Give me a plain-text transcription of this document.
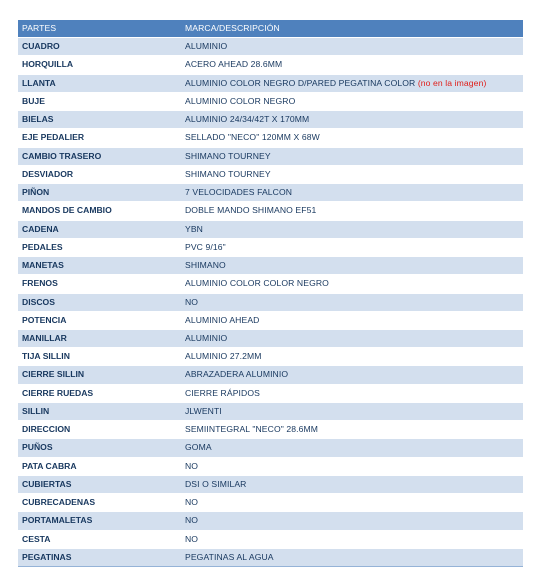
PARTES	MARCA/DESCRIPCIÓN
CUADRO	ALUMINIO
HORQUILLA	ACERO AHEAD 28.6MM
LLANTA	ALUMINIO COLOR NEGRO D/PARED PEGATINA COLOR (no en la imagen)
BUJE	ALUMINIO COLOR NEGRO
BIELAS	ALUMINIO 24/34/42T X 170MM
EJE PEDALIER	SELLADO "NECO" 120MM X 68W
CAMBIO TRASERO	SHIMANO TOURNEY
DESVIADOR	SHIMANO TOURNEY
PIÑON	7 VELOCIDADES FALCON
MANDOS DE CAMBIO	DOBLE MANDO SHIMANO EF51
CADENA	YBN
PEDALES	PVC 9/16"
MANETAS	SHIMANO
FRENOS	ALUMINIO COLOR COLOR NEGRO
DISCOS	NO
POTENCIA	ALUMINIO AHEAD
MANILLAR	ALUMINIO
TIJA SILLIN	ALUMINIO 27.2MM
CIERRE SILLIN	ABRAZADERA ALUMINIO
CIERRE RUEDAS	CIERRE RÁPIDOS
SILLIN	JLWENTI
DIRECCION	SEMIINTEGRAL "NECO" 28.6MM
PUÑOS	GOMA
PATA CABRA	NO
CUBIERTAS	DSI O SIMILAR
CUBRECADENAS	NO
PORTAMALETAS	NO
CESTA	NO
PEGATINAS	PEGATINAS AL AGUA
